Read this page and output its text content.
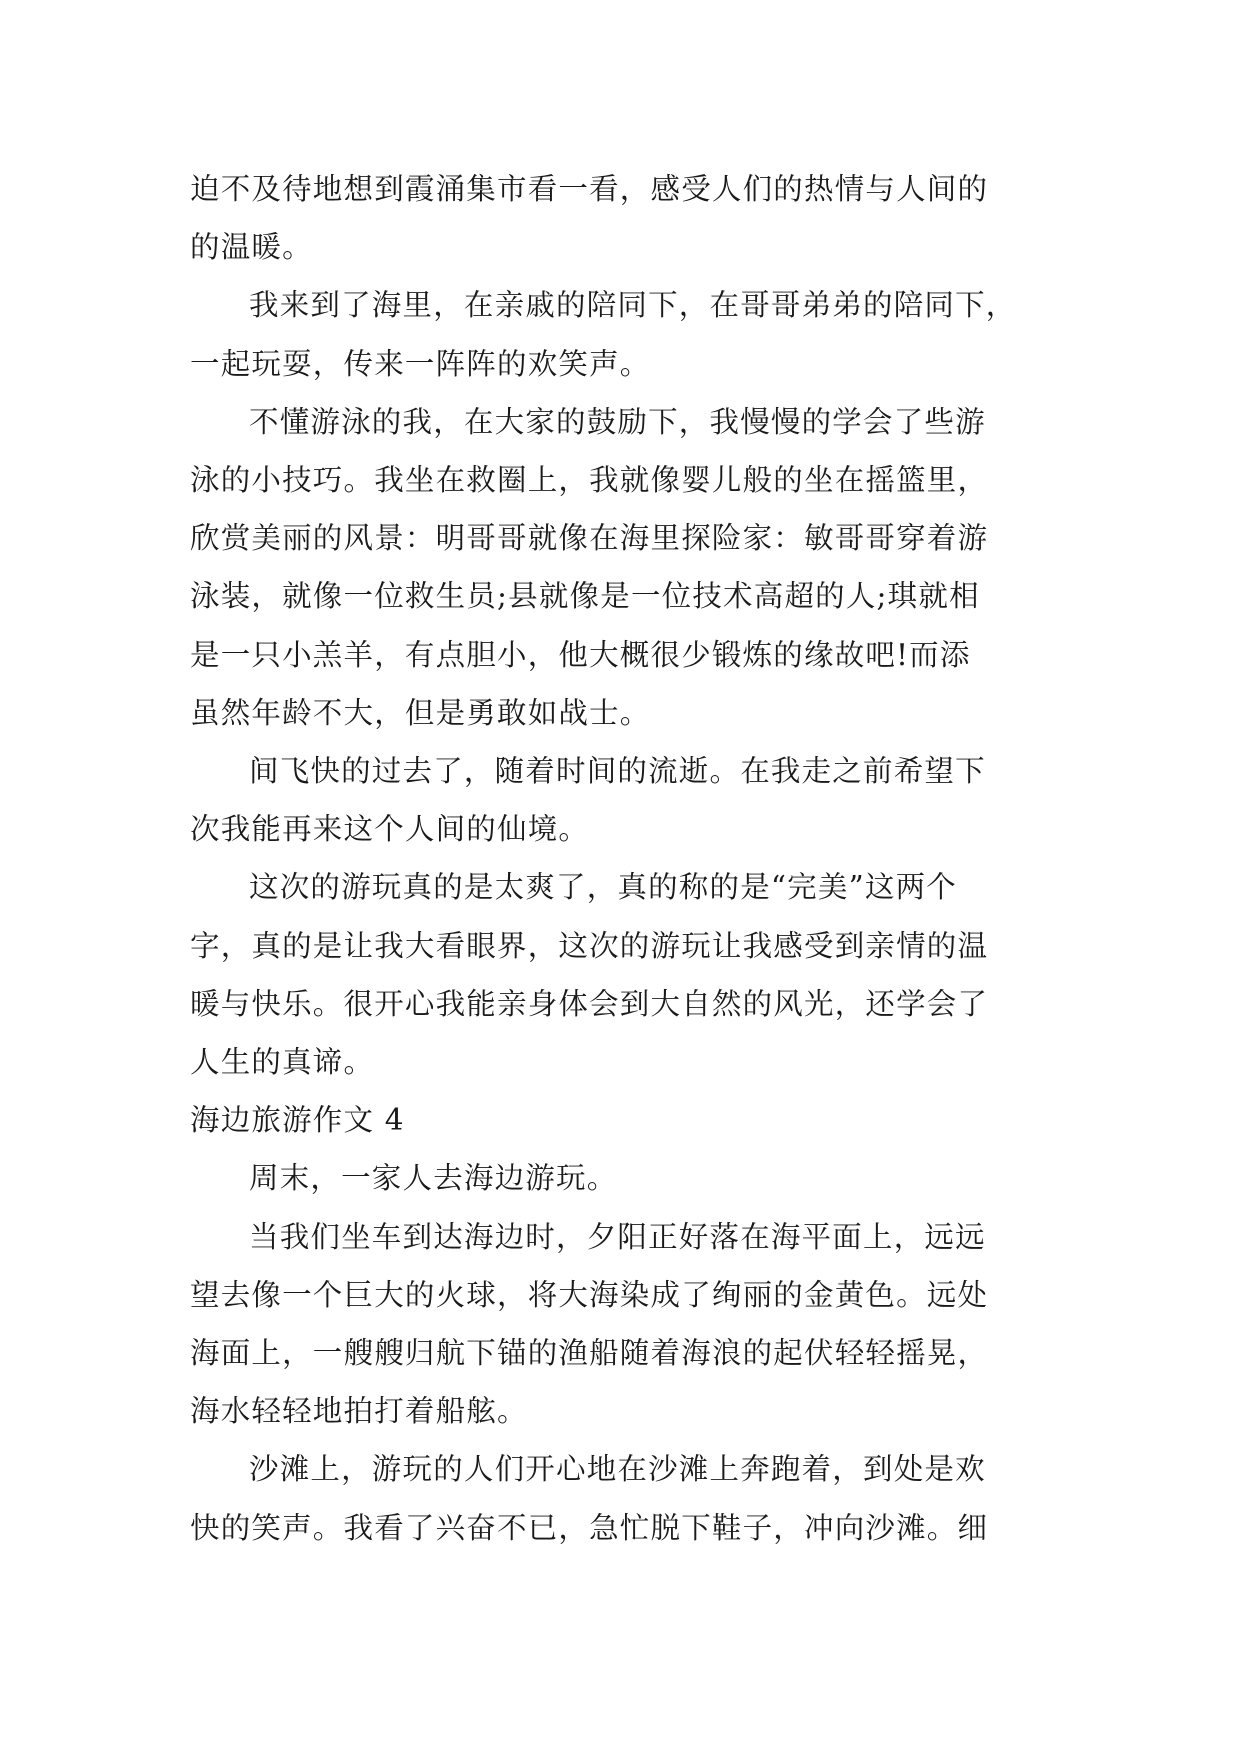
迫不及待地想到霞涌集市看一看，感受人们的热情与人间的
的温暖。

我来到了海里，在亲戚的陪同下，在哥哥弟弟的陪同下，
一起玩耍，传来一阵阵的欢笑声。

不懂游泳的我，在大家的鼓励下，我慢慢的学会了些游
泳的小技巧。我坐在救圈上，我就像婴儿般的坐在摇篮里，
欣赏美丽的风景：明哥哥就像在海里探险家：敏哥哥穿着游
泳装，就像一位救生员;县就像是一位技术高超的人;琪就相
是一只小羔羊，有点胆小，他大概很少锻炼的缘故吧!而添
虽然年龄不大，但是勇敢如战士。

间飞快的过去了，随着时间的流逝。在我走之前希望下
次我能再来这个人间的仙境。

这次的游玩真的是太爽了，真的称的是“完美”这两个
字，真的是让我大看眼界，这次的游玩让我感受到亲情的温
暖与快乐。很开心我能亲身体会到大自然的风光，还学会了
人生的真谛。

海边旅游作文 4

周末，一家人去海边游玩。

当我们坐车到达海边时，夕阳正好落在海平面上，远远
望去像一个巨大的火球，将大海染成了绚丽的金黄色。远处
海面上，一艘艘归航下锚的渔船随着海浪的起伏轻轻摇晃，
海水轻轻地拍打着船舷。

沙滩上，游玩的人们开心地在沙滩上奔跑着，到处是欢
快的笑声。我看了兴奋不已，急忙脱下鞋子，冲向沙滩。细
